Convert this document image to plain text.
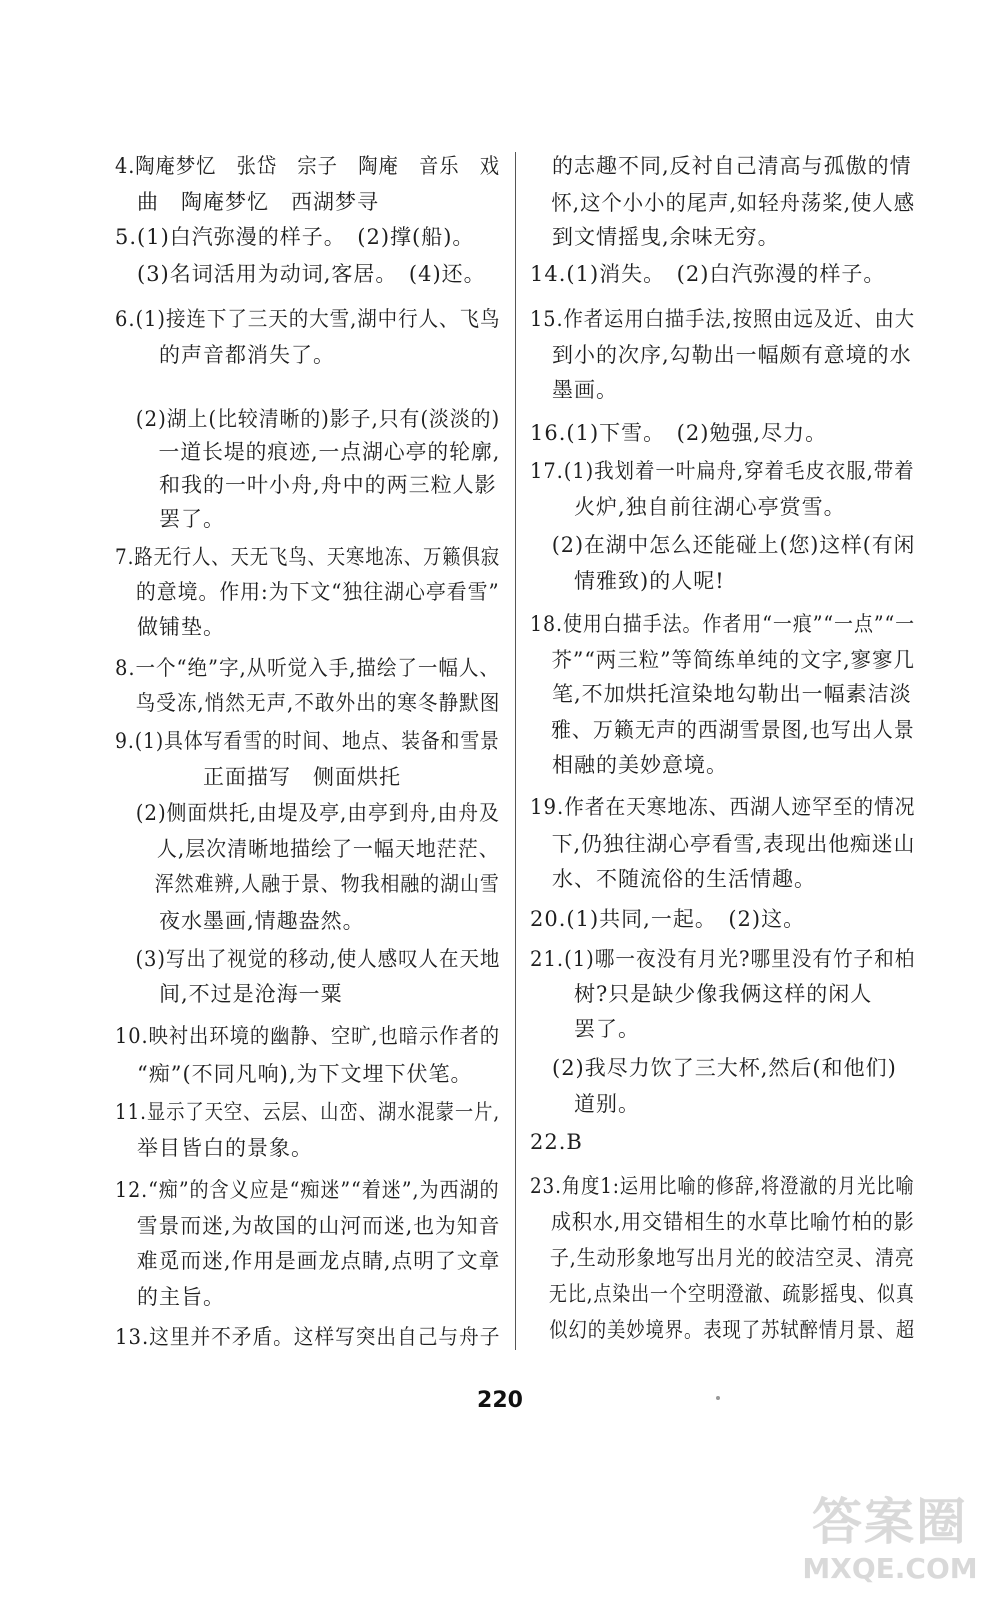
4.陶庵梦忆　张岱　宗子　陶庵　音乐　戏
　曲　陶庵梦忆　西湖梦寻
5.(1)白汽弥漫的样子。　(2)撑(船)。
　(3)名词活用为动词,客居。　(4)还。
6.(1)接连下了三天的大雪,湖中行人、飞鸟
　　的声音都消失了。
　(2)湖上(比较清晰的)影子,只有(淡淡的)
　　一道长堤的痕迹,一点湖心亭的轮廓,
　　和我的一叶小舟,舟中的两三粒人影
　　罢了。
7.路无行人、天无飞鸟、天寒地冻、万籁俱寂
　的意境。作用:为下文“独往湖心亭看雪”
　做铺垫。
8.一个“绝”字,从听觉入手,描绘了一幅人、
　鸟受冻,悄然无声,不敢外出的寒冬静默图
9.(1)具体写看雪的时间、地点、装备和雪景
　　　　正面描写　侧面烘托
　(2)侧面烘托,由堤及亭,由亭到舟,由舟及
　　人,层次清晰地描绘了一幅天地茫茫、
　　浑然难辨,人融于景、物我相融的湖山雪
　　夜水墨画,情趣盎然。
　(3)写出了视觉的移动,使人感叹人在天地
　　间,不过是沧海一粟
10.映衬出环境的幽静、空旷,也暗示作者的
　“痴”(不同凡响),为下文埋下伏笔。
11.显示了天空、云层、山峦、湖水混蒙一片,
　举目皆白的景象。
12.“痴”的含义应是“痴迷”“着迷”,为西湖的
　雪景而迷,为故国的山河而迷,也为知音
　难觅而迷,作用是画龙点睛,点明了文章
　的主旨。
13.这里并不矛盾。这样写突出自己与舟子
　的志趣不同,反衬自己清高与孤傲的情
　怀,这个小小的尾声,如轻舟荡桨,使人感
　到文情摇曳,余味无穷。
14.(1)消失。　(2)白汽弥漫的样子。
15.作者运用白描手法,按照由远及近、由大
　到小的次序,勾勒出一幅颇有意境的水
　墨画。
16.(1)下雪。　(2)勉强,尽力。
17.(1)我划着一叶扁舟,穿着毛皮衣服,带着
　　火炉,独自前往湖心亭赏雪。
　(2)在湖中怎么还能碰上(您)这样(有闲
　　情雅致)的人呢!
18.使用白描手法。作者用“一痕”“一点”“一
　芥”“两三粒”等简练单纯的文字,寥寥几
　笔,不加烘托渲染地勾勒出一幅素洁淡
　雅、万籁无声的西湖雪景图,也写出人景
　相融的美妙意境。
19.作者在天寒地冻、西湖人迹罕至的情况
　下,仍独往湖心亭看雪,表现出他痴迷山
　水、不随流俗的生活情趣。
20.(1)共同,一起。　(2)这。
21.(1)哪一夜没有月光?哪里没有竹子和柏
　　树?只是缺少像我俩这样的闲人
　　罢了。
　(2)我尽力饮了三大杯,然后(和他们)
　　道别。
22.B
23.角度1:运用比喻的修辞,将澄澈的月光比喻
　成积水,用交错相生的水草比喻竹柏的影
　子,生动形象地写出月光的皎洁空灵、清亮
　无比,点染出一个空明澄澈、疏影摇曳、似真
　似幻的美妙境界。表现了苏轼醉情月景、超
220
答案圈
MXQE.COM
